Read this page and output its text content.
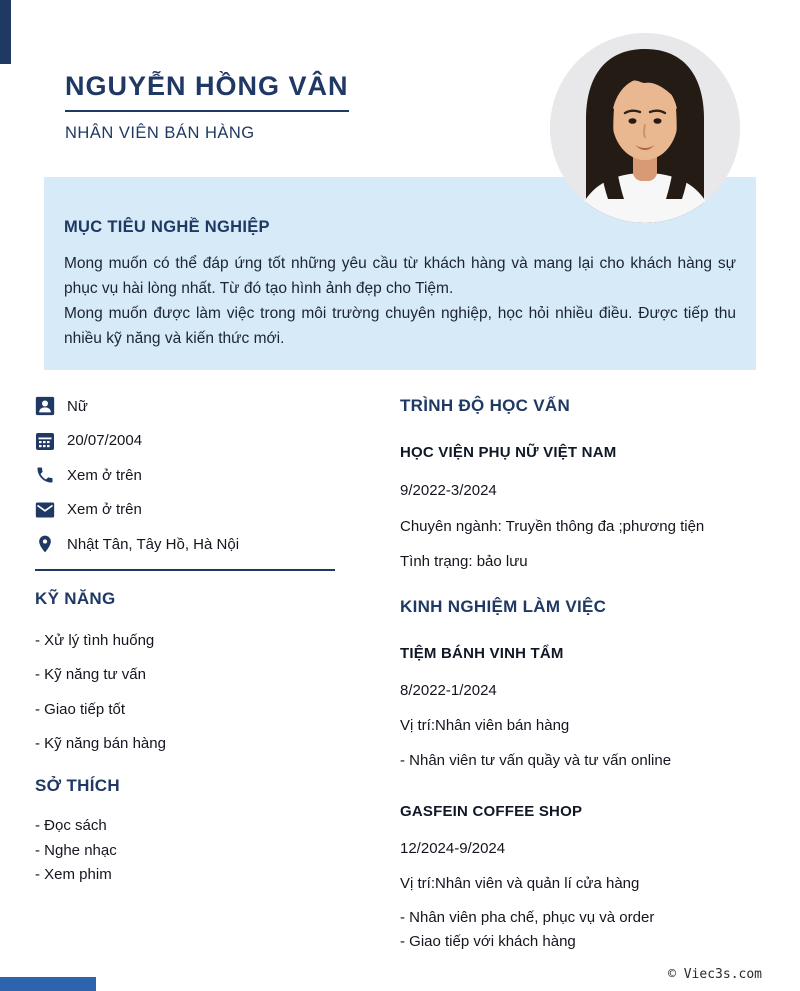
NGUYỄN HỒNG VÂN
NHÂN VIÊN BÁN HÀNG
MỤC TIÊU NGHỀ NGHIỆP

Mong muốn có thể đáp ứng tốt những yêu cầu từ khách hàng và mang lại cho khách hàng sự phục vụ hài lòng nhất. Từ đó tạo hình ảnh đẹp cho Tiệm.

Mong muốn được làm việc trong môi trường chuyên nghiệp, học hỏi nhiều điều. Được tiếp thu nhiều kỹ năng và kiến thức mới.

Nữ
20/07/2004
Xem ở trên
Xem ở trên
Nhật Tân, Tây Hồ, Hà Nội
KỸ NĂNG
- Xử lý tình huống
- Kỹ năng tư vấn
- Giao tiếp tốt
- Kỹ năng bán hàng
SỞ THÍCH
- Đọc sách
- Nghe nhạc
- Xem phim
TRÌNH ĐỘ HỌC VẤN
HỌC VIỆN PHỤ NỮ VIỆT NAM
9/2022-3/2024
Chuyên ngành: Truyền thông đa ;phương tiện
Tình trạng: bảo lưu
KINH NGHIỆM LÀM VIỆC
TIỆM BÁNH VINH TẨM
8/2022-1/2024
Vị trí:Nhân viên bán hàng
- Nhân viên tư vấn quầy và tư vấn online
GASFEIN COFFEE SHOP
12/2024-9/2024
Vị trí:Nhân viên và quản lí cửa hàng
- Nhân viên pha chế, phục vụ và order
- Giao tiếp với khách hàng
© Viec3s.com
